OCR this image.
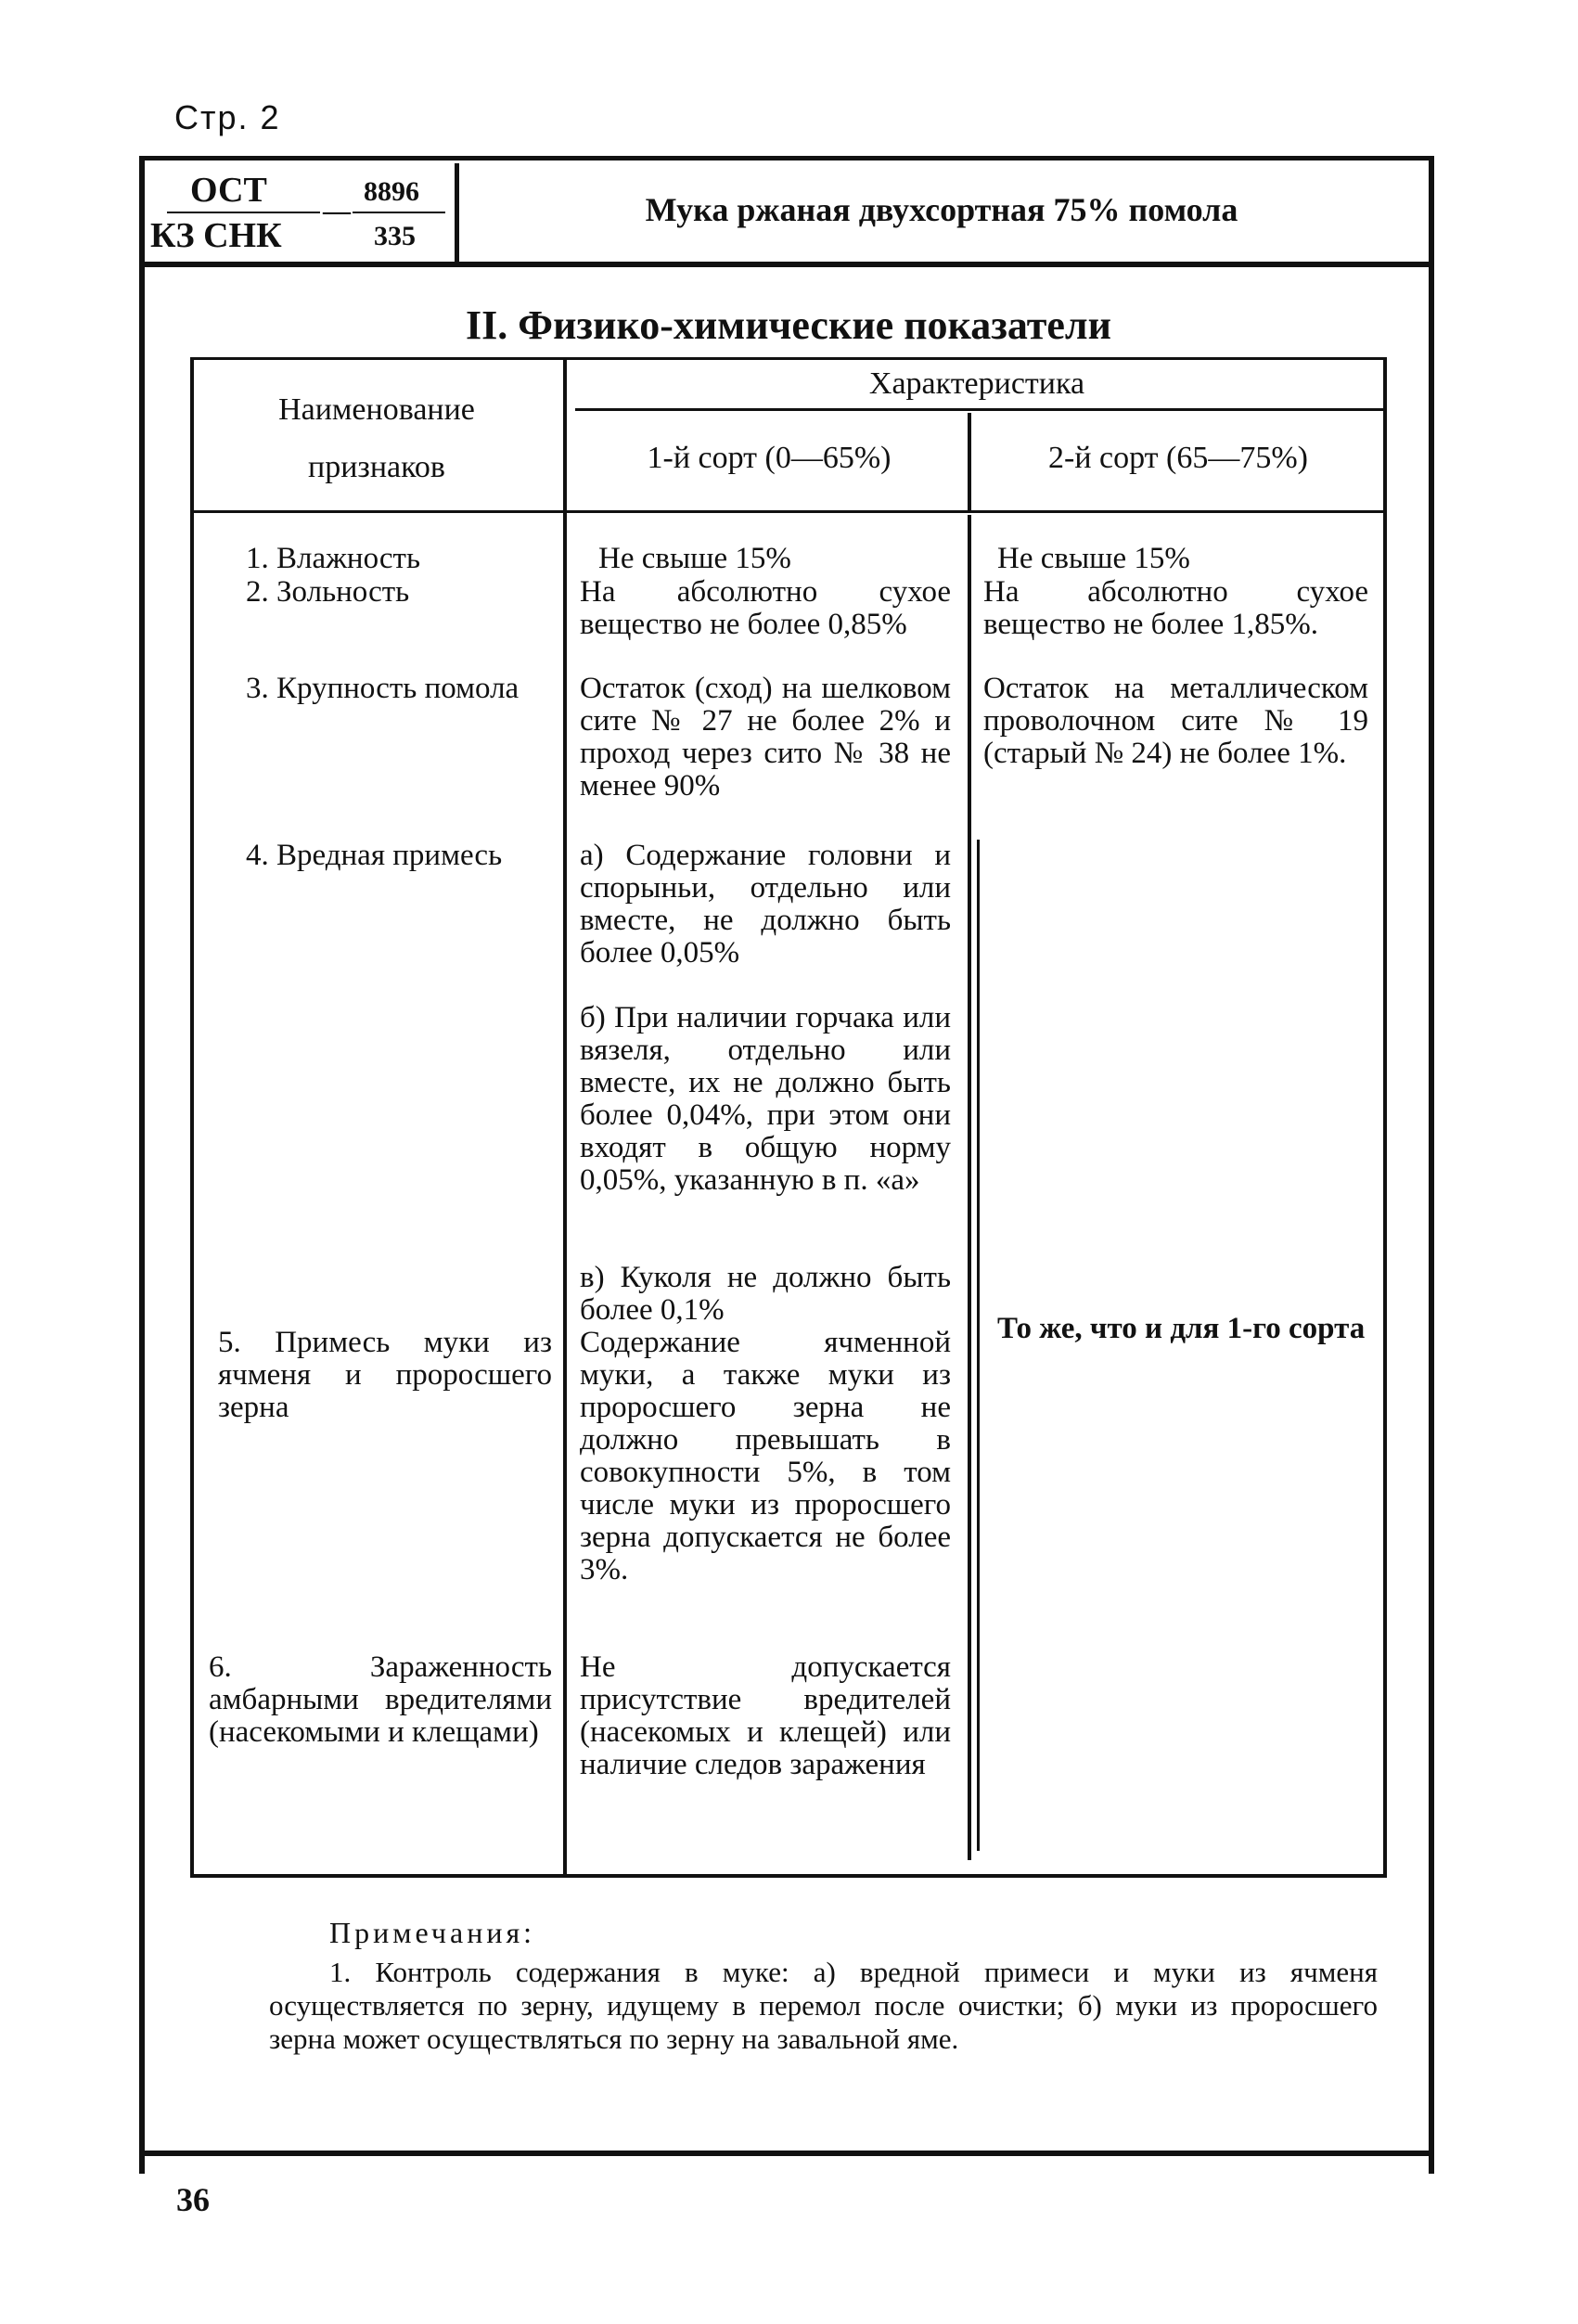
Стр. 2
ОСТ
КЗ СНК
8896
335
—	Мука ржаная двухсортная 75% помола
II. Физико-химические показатели
Наименование
признаков
Характеристика
1-й сорт (0—65%)	2-й сорт (65—75%)
1. Влажность
2. Зольность
3. Крупность помола
4. Вредная примесь
5. Примесь муки из ячменя и проросшего зерна
6. Зараженность амбарными вредителями (насекомыми и клещами)
Не свыше 15%
На абсолютно сухое вещество не более 0,85%
Остаток (сход) на шелковом сите № 27 не более 2% и проход через сито № 38 не менее 90%
а) Содержание головни и спорыньи, отдельно или вместе, не должно быть более 0,05%
б) При наличии горчака или вязеля, отдельно или вместе, их не должно быть более 0,04%, при этом они входят в общую норму 0,05%, указанную в п. «а»
в) Куколя не должно быть более 0,1%
Содержание ячменной муки, а также муки из проросшего зерна не должно превышать в совокупности 5%, в том числе муки из проросшего зерна допускается не более 3%.
Не допускается присутствие вредителей (насекомых и клещей) или наличие следов заражения
Не свыше 15%
На абсолютно сухое вещество не более 1,85%.
Остаток на металлическом проволочном сите № 19 (старый № 24) не более 1%.
То же, что и для 1-го сорта
Примечания:
1. Контроль содержания в муке: а) вредной примеси и муки из ячменя осуществляется по зерну, идущему в перемол после очистки; б) муки из проросшего зерна может осуществляться по зерну на завальной яме.
36
